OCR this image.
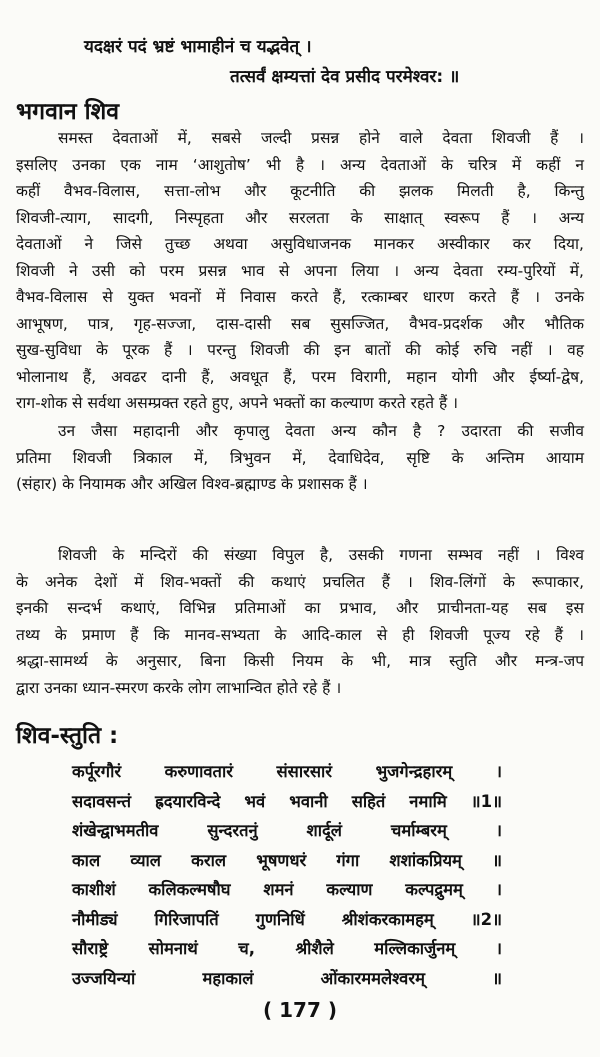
यदक्षरं पदं भ्रष्टं भामाहीनं च यद्भवेत् ।
तत्सर्वं क्षम्यत्तां देव प्रसीद परमेश्वर: ॥
भगवान शिव
समस्त देवताओं में, सबसे जल्दी प्रसन्न होने वाले देवता शिवजी हैं ।
इसलिए उनका एक नाम ‘आशुतोष’ भी है । अन्य देवताओं के चरित्र में कहीं न
कहीं वैभव-विलास, सत्ता-लोभ और कूटनीति की झलक मिलती है, किन्तु
शिवजी-त्याग, सादगी, निस्पृहता और सरलता के साक्षात् स्वरूप हैं । अन्य
देवताओं ने जिसे तुच्छ अथवा असुविधाजनक मानकर अस्वीकार कर दिया,
शिवजी ने उसी को परम प्रसन्न भाव से अपना लिया । अन्य देवता रम्य-पुरियों में,
वैभव-विलास से युक्त भवनों में निवास करते हैं, रत्काम्बर धारण करते हैं । उनके
आभूषण, पात्र, गृह-सज्जा, दास-दासी सब सुसज्जित, वैभव-प्रदर्शक और भौतिक
सुख-सुविधा के पूरक हैं । परन्तु शिवजी की इन बातों की कोई रुचि नहीं । वह
भोलानाथ हैं, अवढर दानी हैं, अवधूत हैं, परम विरागी, महान योगी और ईर्ष्या-द्वेष,
राग-शोक से सर्वथा असम्प्रक्त रहते हुए, अपने भक्तों का कल्याण करते रहते हैं ।
उन जैसा महादानी और कृपालु देवता अन्य कौन है ? उदारता की सजीव
प्रतिमा शिवजी त्रिकाल में, त्रिभुवन में, देवाधिदेव, सृष्टि के अन्तिम आयाम
(संहार) के नियामक और अखिल विश्व-ब्रह्माण्ड के प्रशासक हैं ।
शिवजी के मन्दिरों की संख्या विपुल है, उसकी गणना सम्भव नहीं । विश्व
के अनेक देशों में शिव-भक्तों की कथाएं प्रचलित हैं । शिव-लिंगों के रूपाकार,
इनकी सन्दर्भ कथाएं, विभिन्न प्रतिमाओं का प्रभाव, और प्राचीनता-यह सब इस
तथ्य के प्रमाण हैं कि मानव-सभ्यता के आदि-काल से ही शिवजी पूज्य रहे हैं ।
श्रद्धा-सामर्थ्य के अनुसार, बिना किसी नियम के भी, मात्र स्तुति और मन्त्र-जप
द्वारा उनका ध्यान-स्मरण करके लोग लाभान्वित होते रहे हैं ।
शिव-स्तुति :
कर्पूरगौरं करुणावतारं संसारसारं भुजगेन्द्रहारम् ।
सदावसन्तं ह्रदयारविन्दे भवं भवानी सहितं नमामि ॥1॥
शंखेन्द्वाभमतीव सुन्दरतनुं शार्दूलं चर्माम्बरम् ।
काल व्याल कराल भूषणधरं गंगा शशांकप्रियम् ॥
काशीशं कलिकल्मषौघ शमनं कल्याण कल्पद्रुमम् ।
नौमीड्यं गिरिजापतिं गुणनिधिं श्रीशंकरकामहम् ॥2॥
सौराष्ट्रे सोमनाथं च, श्रीशैले मल्लिकार्जुनम् ।
उज्जयिन्यां महाकालं ओंकारममलेश्वरम् ॥
( 177 )
